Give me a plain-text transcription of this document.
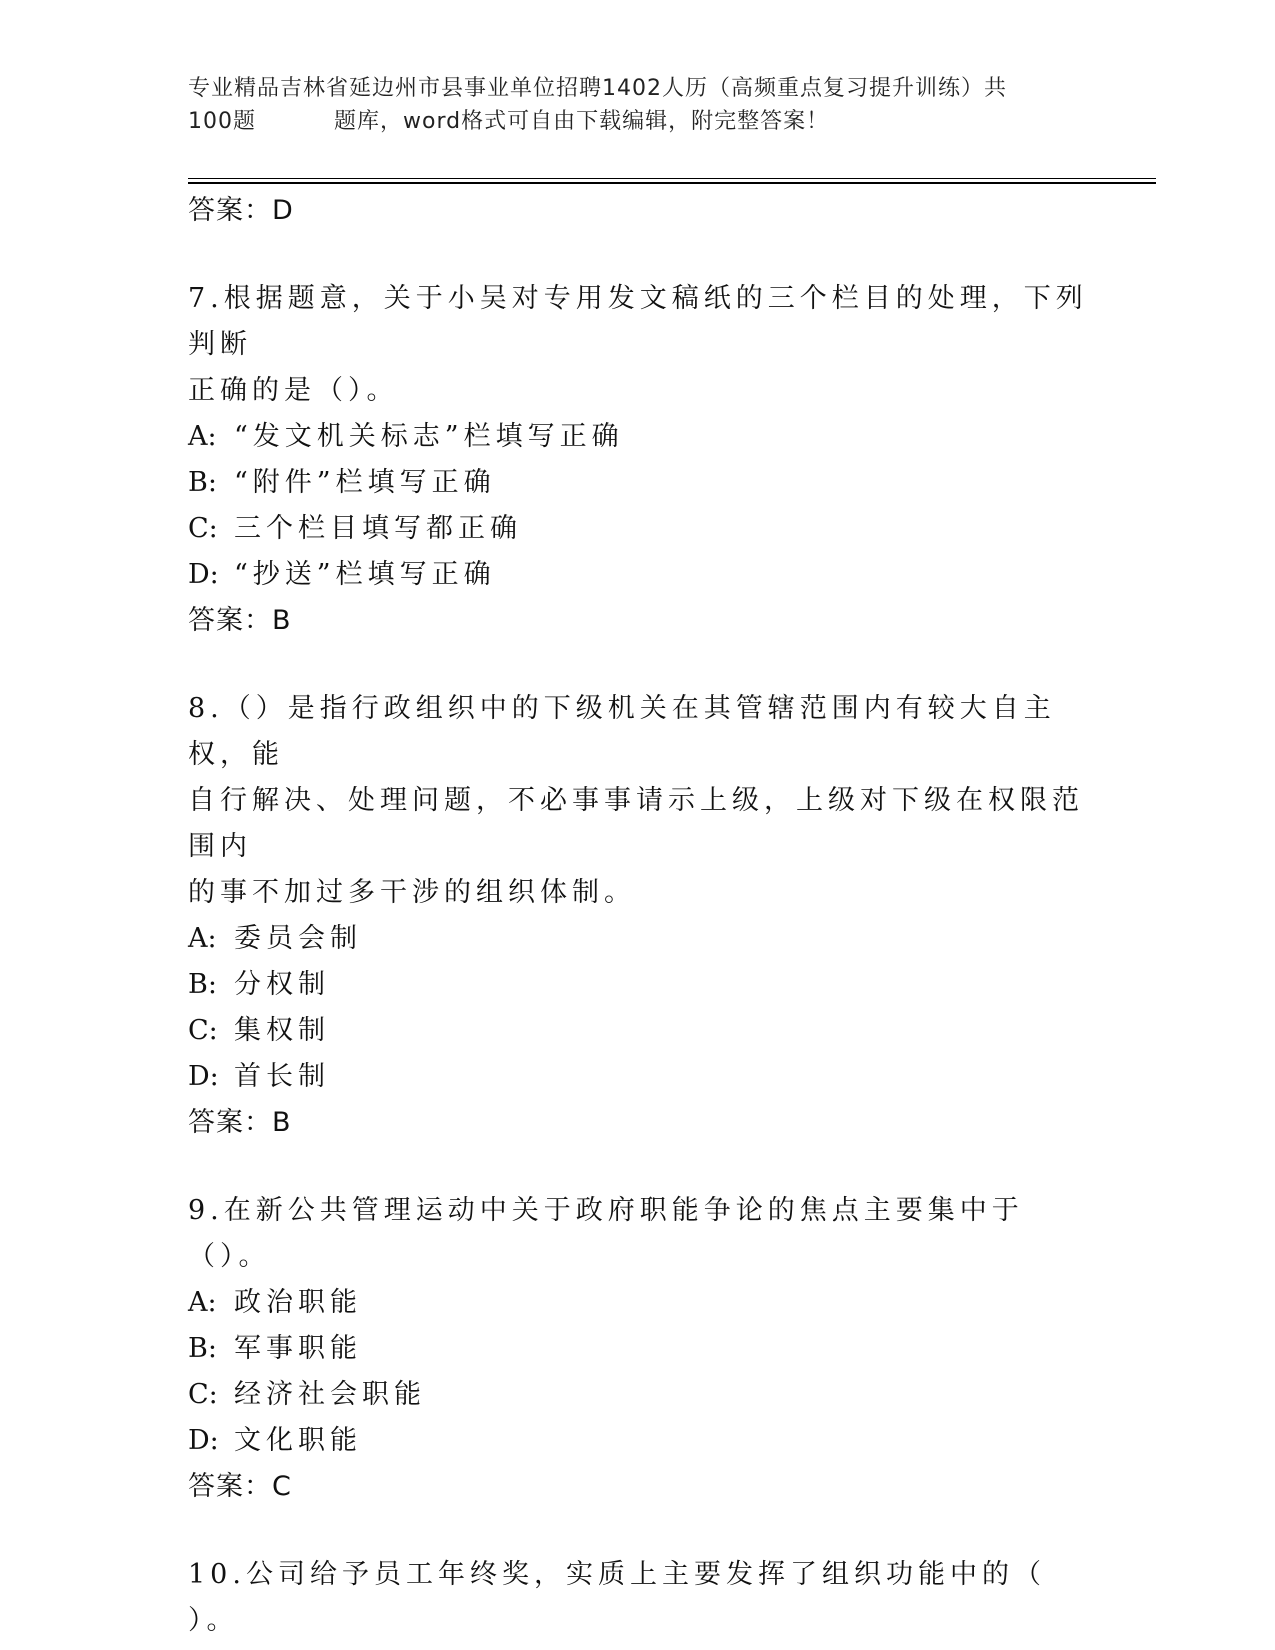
专业精品吉林省延边州市县事业单位招聘1402人历（高频重点复习提升训练）共
100题	题库，word格式可自由下载编辑，附完整答案！
答案：D
7.根据题意，关于小吴对专用发文稿纸的三个栏目的处理，下列判断
正确的是（）。
A: “发文机关标志”栏填写正确
B: “附件”栏填写正确
C: 三个栏目填写都正确
D: “抄送”栏填写正确
答案：B
8.（）是指行政组织中的下级机关在其管辖范围内有较大自主权，能
自行解决、处理问题，不必事事请示上级，上级对下级在权限范围内
的事不加过多干涉的组织体制。
A: 委员会制
B: 分权制
C: 集权制
D: 首长制
答案：B
9.在新公共管理运动中关于政府职能争论的焦点主要集中于（）。
A: 政治职能
B: 军事职能
C: 经济社会职能
D: 文化职能
答案：C
10.公司给予员工年终奖，实质上主要发挥了组织功能中的（
）。
